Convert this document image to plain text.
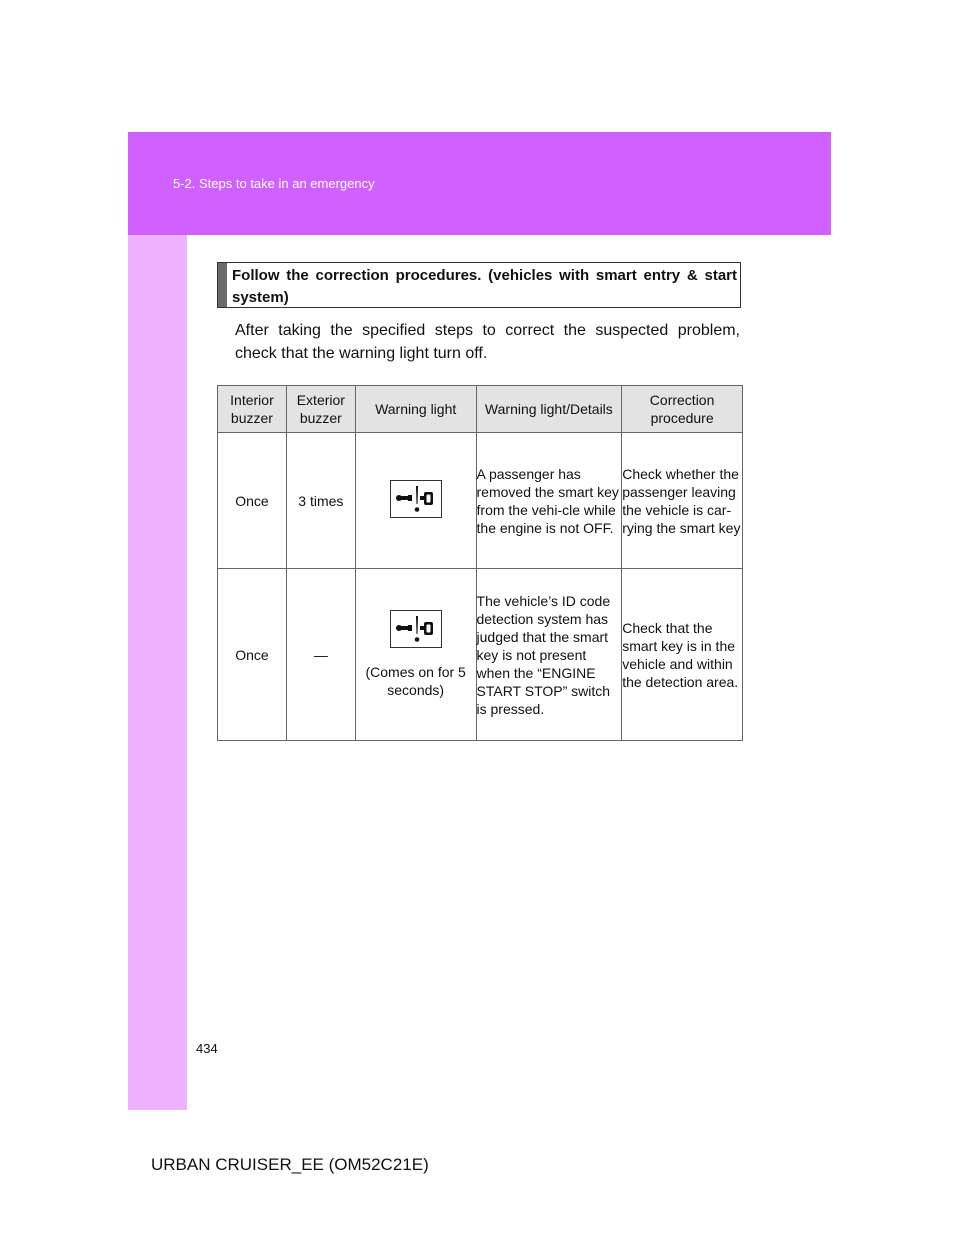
5-2. Steps to take in an emergency
Follow the correction procedures. (vehicles with smart entry & start system)
After taking the specified steps to correct the suspected problem, check that the warning light turn off.
Interior buzzer	Exterior buzzer	Warning light	Warning light/Details	Correction procedure
Once	3 times		A passenger has removed the smart key from the vehi-cle while the engine is not OFF.	Check whether the passenger leaving the vehicle is car-rying the smart key
Once	—	(Comes on for 5 seconds)	The vehicle’s ID code detection system has judged that the smart key is not present when the “ENGINE START STOP” switch is pressed.	Check that the smart key is in the vehicle and within the detection area.
434
URBAN CRUISER_EE (OM52C21E)
